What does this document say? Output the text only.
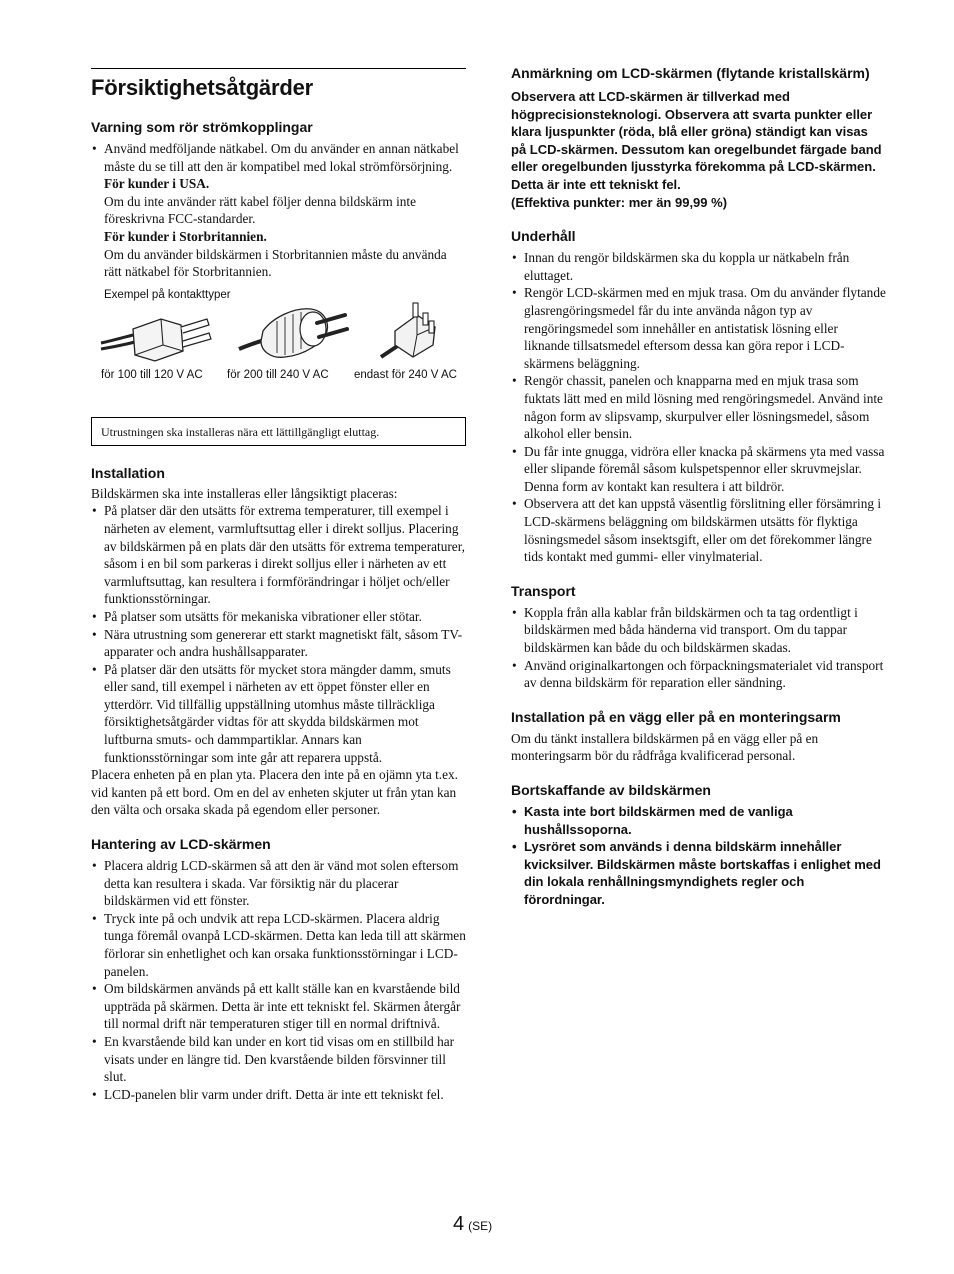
Försiktighetsåtgärder
Varning som rör strömkopplingar
• Använd medföljande nätkabel. Om du använder en annan nätkabel måste du se till att den är kompatibel med lokal strömförsörjning.
För kunder i USA.
Om du inte använder rätt kabel följer denna bildskärm inte föreskrivna FCC-standarder.
För kunder i Storbritannien.
Om du använder bildskärmen i Storbritannien måste du använda rätt nätkabel för Storbritannien.
Exempel på kontakttyper
för 100 till 120 V AC för 200 till 240 V AC endast för 240 V AC
Utrustningen ska installeras nära ett lättillgängligt eluttag.
Installation

Bildskärmen ska inte installeras eller långsiktigt placeras:

• På platser där den utsätts för extrema temperaturer, till exempel i närheten av element, varmluftsuttag eller i direkt solljus. Placering av bildskärmen på en plats där den utsätts för extrema temperaturer, såsom i en bil som parkeras i direkt solljus eller i närheten av ett varmluftsuttag, kan resultera i formförändringar i höljet och/eller funktionsstörningar.
• På platser som utsätts för mekaniska vibrationer eller stötar.
• Nära utrustning som genererar ett starkt magnetiskt fält, såsom TV-apparater och andra hushållsapparater.
• På platser där den utsätts för mycket stora mängder damm, smuts eller sand, till exempel i närheten av ett öppet fönster eller en ytterdörr. Vid tillfällig uppställning utomhus måste tillräckliga försiktighetsåtgärder vidtas för att skydda bildskärmen mot luftburna smuts- och dammpartiklar. Annars kan funktionsstörningar som inte går att reparera uppstå.

Placera enheten på en plan yta. Placera den inte på en ojämn yta t.ex. vid kanten på ett bord. Om en del av enheten skjuter ut från ytan kan den välta och orsaka skada på egendom eller personer.

Hantering av LCD-skärmen
• Placera aldrig LCD-skärmen så att den är vänd mot solen eftersom detta kan resultera i skada. Var försiktig när du placerar bildskärmen vid ett fönster.
• Tryck inte på och undvik att repa LCD-skärmen. Placera aldrig tunga föremål ovanpå LCD-skärmen. Detta kan leda till att skärmen förlorar sin enhetlighet och kan orsaka funktionsstörningar i LCD-panelen.
• Om bildskärmen används på ett kallt ställe kan en kvarstående bild uppträda på skärmen. Detta är inte ett tekniskt fel. Skärmen återgår till normal drift när temperaturen stiger till en normal driftnivå.
• En kvarstående bild kan under en kort tid visas om en stillbild har visats under en längre tid. Den kvarstående bilden försvinner till slut.
• LCD-panelen blir varm under drift. Detta är inte ett tekniskt fel.
Anmärkning om LCD-skärmen (flytande kristallskärm)

Observera att LCD-skärmen är tillverkad med högprecisionsteknologi. Observera att svarta punkter eller klara ljuspunkter (röda, blå eller gröna) ständigt kan visas på LCD-skärmen. Dessutom kan oregelbundet färgade band eller oregelbunden ljusstyrka förekomma på LCD-skärmen. Detta är inte ett tekniskt fel.

(Effektiva punkter: mer än 99,99 %)

Underhåll
• Innan du rengör bildskärmen ska du koppla ur nätkabeln från eluttaget.
• Rengör LCD-skärmen med en mjuk trasa. Om du använder flytande glasrengöringsmedel får du inte använda någon typ av rengöringsmedel som innehåller en antistatisk lösning eller liknande tillsatsmedel eftersom dessa kan göra repor i LCD-skärmens beläggning.
• Rengör chassit, panelen och knapparna med en mjuk trasa som fuktats lätt med en mild lösning med rengöringsmedel. Använd inte någon form av slipsvamp, skurpulver eller lösningsmedel, såsom alkohol eller bensin.
• Du får inte gnugga, vidröra eller knacka på skärmens yta med vassa eller slipande föremål såsom kulspetspennor eller skruvmejslar. Denna form av kontakt kan resultera i att bildrör.
• Observera att det kan uppstå väsentlig förslitning eller försämring i LCD-skärmens beläggning om bildskärmen utsätts för flyktiga lösningsmedel såsom insektsgift, eller om det förekommer längre tids kontakt med gummi- eller vinylmaterial.
Transport
• Koppla från alla kablar från bildskärmen och ta tag ordentligt i bildskärmen med båda händerna vid transport. Om du tappar bildskärmen kan både du och bildskärmen skadas.
• Använd originalkartongen och förpackningsmaterialet vid transport av denna bildskärm för reparation eller sändning.
Installation på en vägg eller på en monteringsarm

Om du tänkt installera bildskärmen på en vägg eller på en monteringsarm bör du rådfråga kvalificerad personal.

Bortskaffande av bildskärmen
• Kasta inte bort bildskärmen med de vanliga hushållssoporna.
• Lysröret som används i denna bildskärm innehåller kvicksilver. Bildskärmen måste bortskaffas i enlighet med din lokala renhållningsmyndighets regler och förordningar.
4 (SE)
